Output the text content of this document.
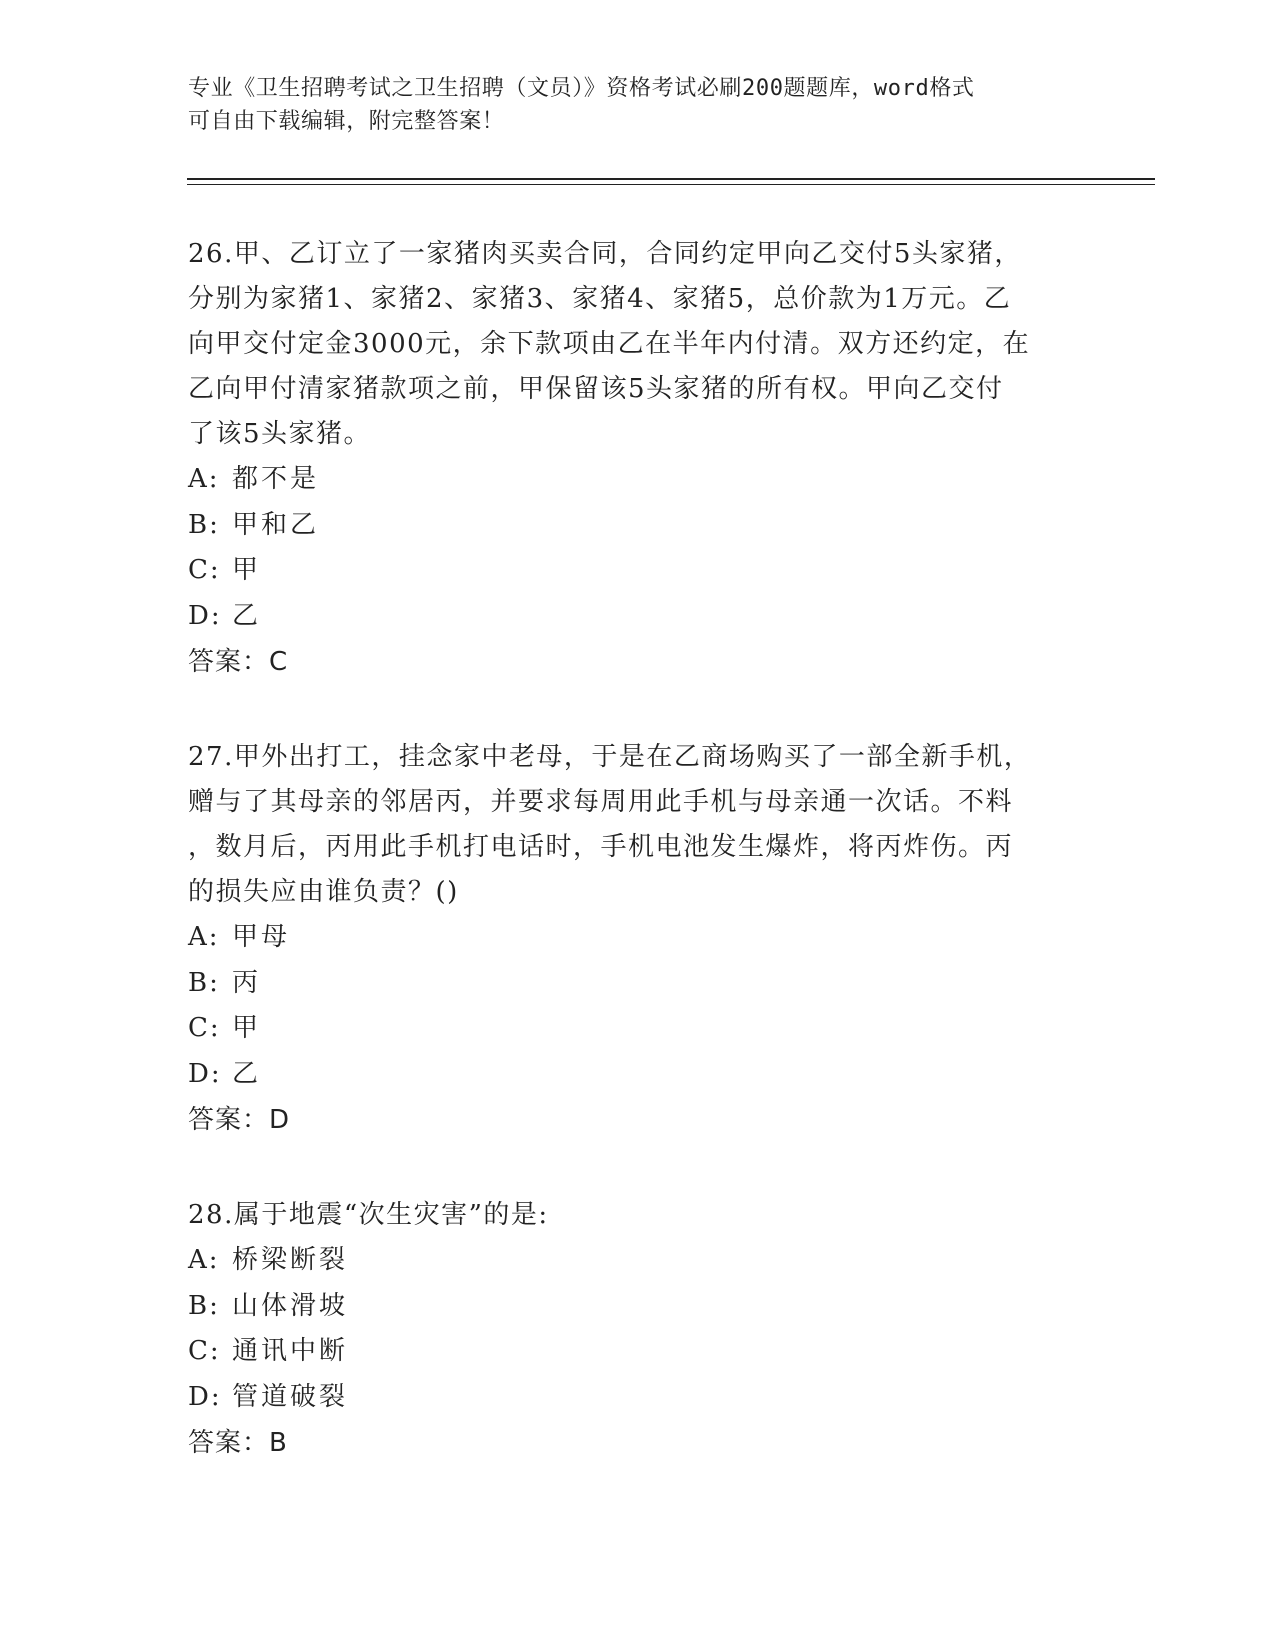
专业《卫生招聘考试之卫生招聘（文员）》资格考试必刷200题题库，word格式
可自由下载编辑，附完整答案！
26.甲、乙订立了一家猪肉买卖合同，合同约定甲向乙交付5头家猪，
分别为家猪1、家猪2、家猪3、家猪4、家猪5，总价款为1万元。乙
向甲交付定金3000元，余下款项由乙在半年内付清。双方还约定，在
乙向甲付清家猪款项之前，甲保留该5头家猪的所有权。甲向乙交付
了该5头家猪。
A: 都不是
B: 甲和乙
C: 甲
D: 乙
答案：C
27.甲外出打工，挂念家中老母，于是在乙商场购买了一部全新手机，
赠与了其母亲的邻居丙，并要求每周用此手机与母亲通一次话。不料
，数月后，丙用此手机打电话时，手机电池发生爆炸，将丙炸伤。丙
的损失应由谁负责？()
A: 甲母
B: 丙
C: 甲
D: 乙
答案：D
28.属于地震“次生灾害”的是:
A: 桥梁断裂
B: 山体滑坡
C: 通讯中断
D: 管道破裂
答案：B
